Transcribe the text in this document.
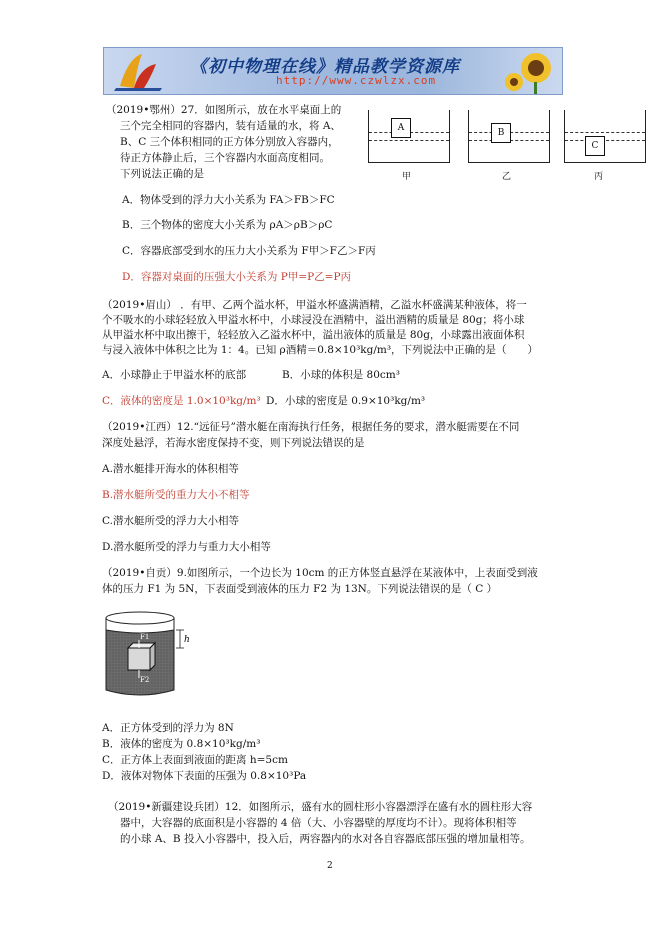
《初中物理在线》精品教学资源库
http://www.czwlzx.com
（2019•鄂州）27．如图所示，放在水平桌面上的
三个完全相同的容器内，装有适量的水，将 A、
B、C 三个体积相同的正方体分别放入容器内，
待正方体静止后，三个容器内水面高度相同。
下列说法正确的是
A
甲
B
乙
C
丙
A．物体受到的浮力大小关系为 FA＞FB＞FC
B．三个物体的密度大小关系为 ρA＞ρB＞ρC
C．容器底部受到水的压力大小关系为 F甲＞F乙＞F丙
D．容器对桌面的压强大小关系为 P甲=P乙=P丙
（2019•眉山） ．有甲、乙两个溢水杯，甲溢水杯盛满酒精，乙溢水杯盛满某种液体，将一
个不吸水的小球轻轻放入甲溢水杯中，小球浸没在酒精中，溢出酒精的质量是 80g；将小球
从甲溢水杯中取出擦干，轻轻放入乙溢水杯中，溢出液体的质量是 80g，小球露出液面体积
与浸入液体中体积之比为 1：4。已知 ρ酒精＝0.8×10³kg/m³，下列说法中正确的是（　　）
A．小球静止于甲溢水杯的底部	B．小球的体积是 80cm³
C．液体的密度是 1.0×10³kg/m³ D．小球的密度是 0.9×10³kg/m³
（2019•江西）12.“远征号”潜水艇在南海执行任务，根据任务的要求，潜水艇需要在不同
深度处悬浮，若海水密度保持不变，则下列说法错误的是
A.潜水艇排开海水的体积相等
B.潜水艇所受的重力大小不相等
C.潜水艇所受的浮力大小相等
D.潜水艇所受的浮力与重力大小相等
（2019•自贡）9.如图所示，一个边长为 10cm 的正方体竖直悬浮在某液体中，上表面受到液
体的压力 F1 为 5N，下表面受到液体的压力 F2 为 13N。下列说法错误的是（ C ）
h
F1
F2
A．正方体受到的浮力为 8N
B．液体的密度为 0.8×10³kg/m³
C．正方体上表面到液面的距离 h=5cm
D．液体对物体下表面的压强为 0.8×10³Pa
（2019•新疆建设兵团）12．如图所示，盛有水的圆柱形小容器漂浮在盛有水的圆柱形大容
器中，大容器的底面积是小容器的 4 倍（大、小容器壁的厚度均不计）。现将体积相等
的小球 A、B 投入小容器中，投入后，两容器内的水对各自容器底部压强的增加量相等。
2
